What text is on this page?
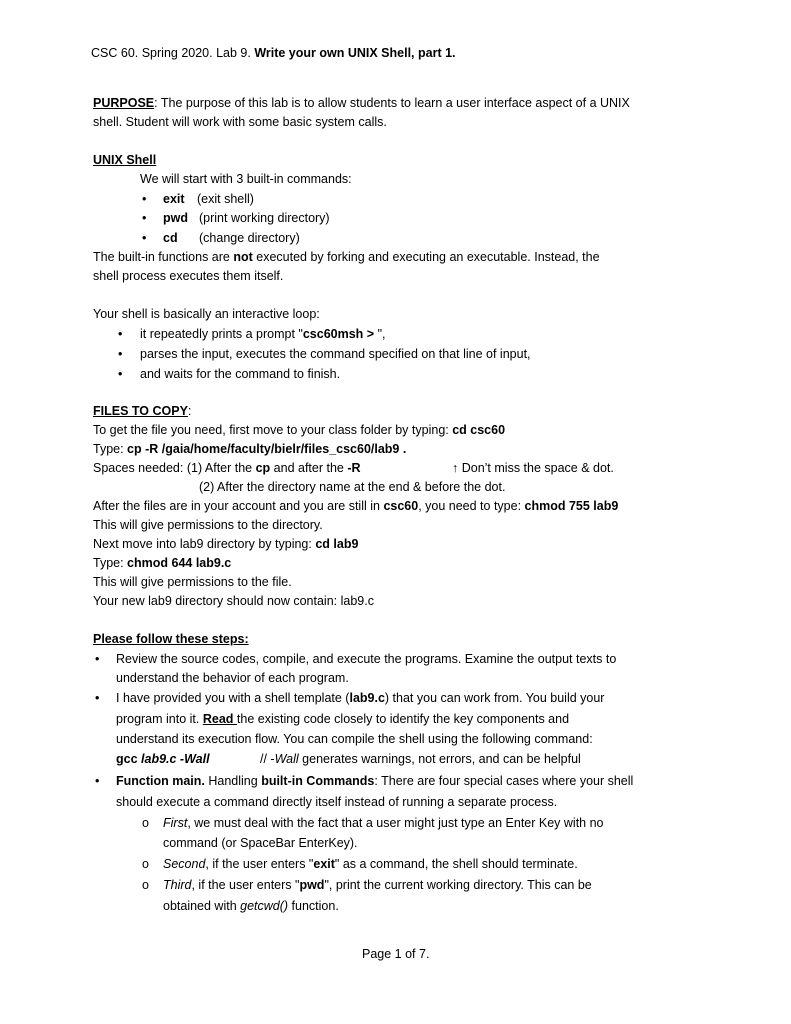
CSC 60. Spring 2020. Lab 9. Write your own UNIX Shell, part 1.
PURPOSE: The purpose of this lab is to allow students to learn a user interface aspect of a UNIX
shell. Student will work with some basic system calls.
UNIX Shell
We will start with 3 built-in commands:
• exit (exit shell)
• pwd (print working directory)
• cd (change directory)
The built-in functions are not executed by forking and executing an executable. Instead, the
shell process executes them itself.
Your shell is basically an interactive loop:
• it repeatedly prints a prompt "csc60msh > ",
• parses the input, executes the command specified on that line of input,
• and waits for the command to finish.
FILES TO COPY:
To get the file you need, first move to your class folder by typing: cd csc60
Type: cp -R /gaia/home/faculty/bielr/files_csc60/lab9 .
Spaces needed: (1) After the cp and after the -R	↑ Don’t miss the space & dot.
(2) After the directory name at the end & before the dot.
After the files are in your account and you are still in csc60, you need to type: chmod 755 lab9
This will give permissions to the directory.
Next move into lab9 directory by typing: cd lab9
Type: chmod 644 lab9.c
This will give permissions to the file.
Your new lab9 directory should now contain: lab9.c
Please follow these steps:
• Review the source codes, compile, and execute the programs. Examine the output texts to
understand the behavior of each program.
• I have provided you with a shell template (lab9.c) that you can work from. You build your
program into it. Read the existing code closely to identify the key components and
understand its execution flow. You can compile the shell using the following command:
gcc lab9.c -Wall	// -Wall generates warnings, not errors, and can be helpful
• Function main. Handling built-in Commands: There are four special cases where your shell
should execute a command directly itself instead of running a separate process.
o First, we must deal with the fact that a user might just type an Enter Key with no
command (or SpaceBar EnterKey).
o Second, if the user enters "exit" as a command, the shell should terminate.
o Third, if the user enters "pwd", print the current working directory. This can be
obtained with getcwd() function.
Page 1 of 7.
